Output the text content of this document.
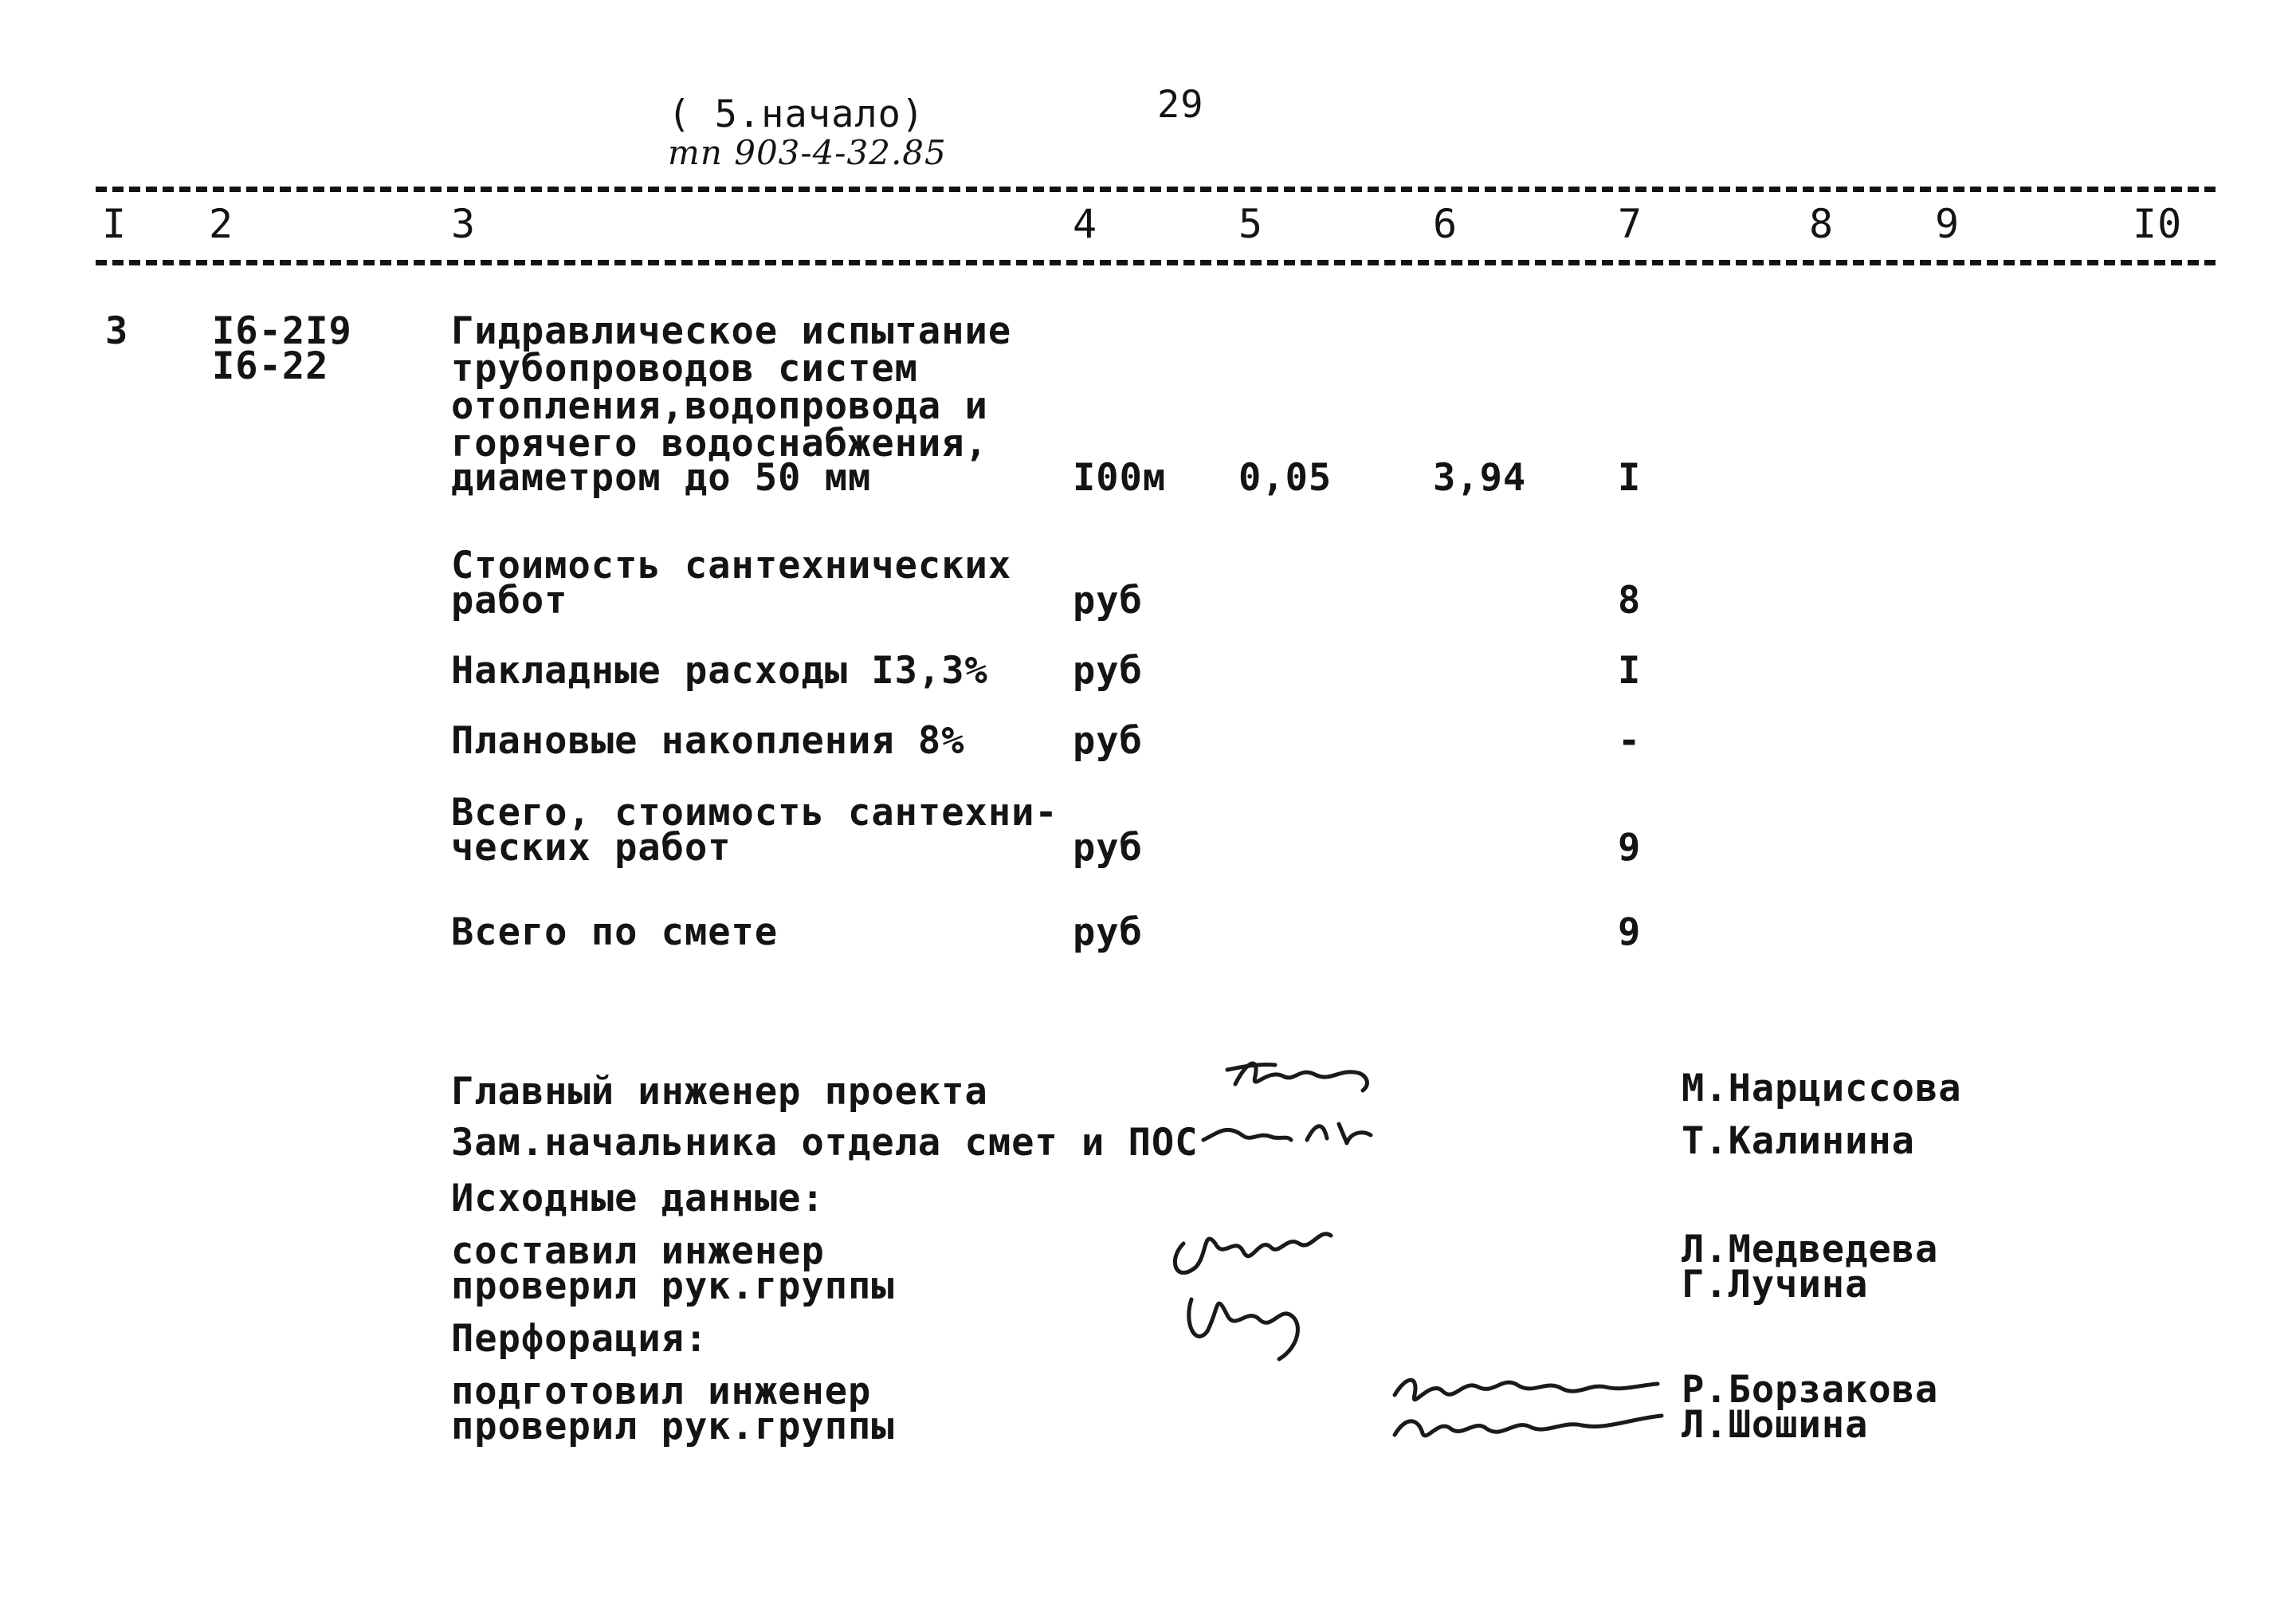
( 5.начало)
тп 903-4-32.85
29
I 2	3	4	5	6	7	8	9	I0
3 I6-2I9
I6-22
Гидравлическое испытание
трубопроводов систем
отопления,водопровода и
горячего водоснабжения,
диаметром до 50 мм	I00м 0,05	3,94 I
Стоимость сантехнических
работ	руб	8
Накладные расходы I3,3% руб	I
Плановые накопления 8%	руб	-
Всего, стоимость сантехни-
ческих работ	руб	9
Всего по смете	руб	9
Главный инженер проекта	М.Нарциссова
Зам.начальника отдела смет и ПОС	Т.Калинина
Исходные данные:
составил инженер	Л.Медведева
проверил рук.группы	Г.Лучина
Перфорация:
подготовил инженер	Р.Борзакова
проверил рук.группы	Л.Шошина
